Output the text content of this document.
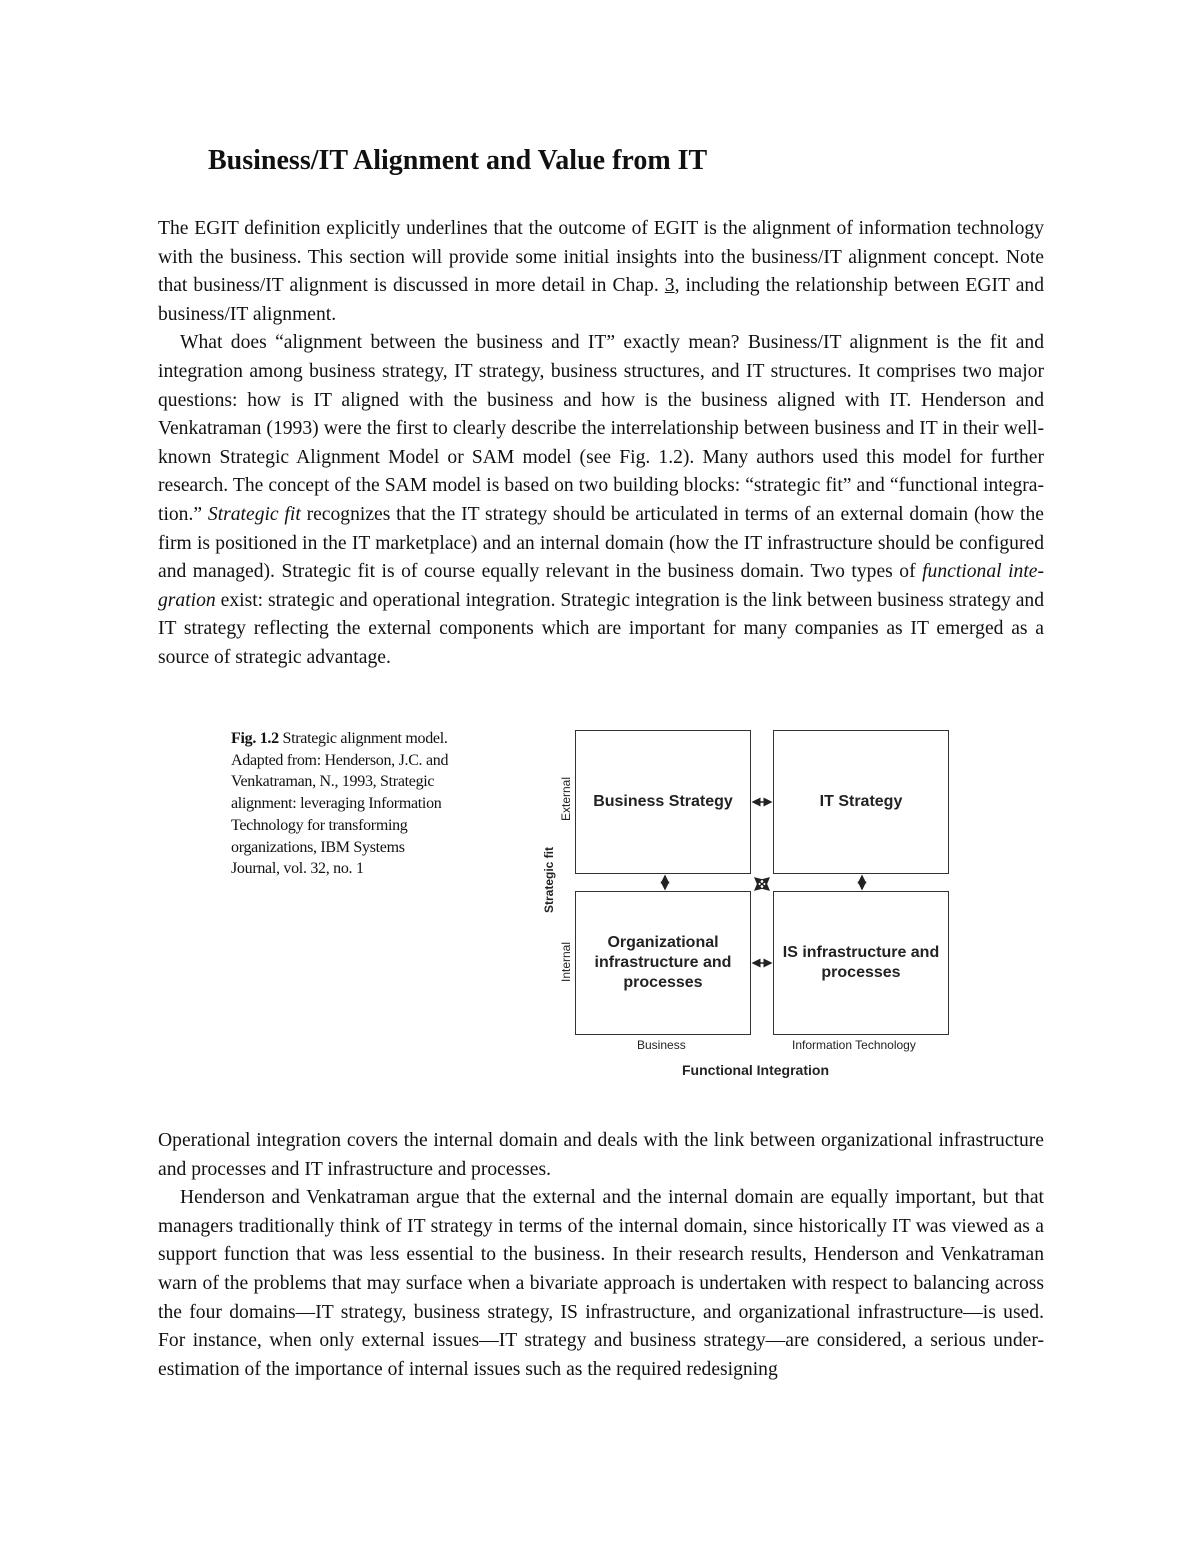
Business/IT Alignment and Value from IT

The EGIT definition explicitly underlines that the outcome of EGIT is the alignment of information technology with the business. This section will provide some initial insights into the business/IT alignment concept. Note that business/IT alignment is discussed in more detail in Chap. 3, including the relationship between EGIT and business/IT alignment.

What does “alignment between the business and IT” exactly mean? Business/IT alignment is the fit and integration among business strategy, IT strategy, business structures, and IT structures. It comprises two major questions: how is IT aligned with the business and how is the business aligned with IT. Henderson and Venkatraman (1993) were the first to clearly describe the interrelationship between business and IT in their well-known Strategic Alignment Model or SAM model (see Fig. 1.2). Many authors used this model for further research. The concept of the SAM model is based on two building blocks: “strategic fit” and “functional integra- tion.” Strategic fit recognizes that the IT strategy should be articulated in terms of an external domain (how the firm is positioned in the IT marketplace) and an internal domain (how the IT infrastructure should be configured and managed). Strategic fit is of course equally relevant in the business domain. Two types of functional inte- gration exist: strategic and operational integration. Strategic integration is the link between business strategy and IT strategy reflecting the external components which are important for many companies as IT emerged as a source of strategic advantage.

Fig. 1.2 Strategic alignment model. Adapted from: Henderson, J.C. and Venkatraman, N., 1993, Strategic alignment: leveraging Information Technology for transforming organizations, IBM Systems Journal, vol. 32, no. 1
Business Strategy	IT Strategy
Organizational infrastructure and processes
IS infrastructure and processes
External
Internal
Strategic fit
Business	Information Technology
Functional Integration

Operational integration covers the internal domain and deals with the link between organizational infrastructure and processes and IT infrastructure and processes.

Henderson and Venkatraman argue that the external and the internal domain are equally important, but that managers traditionally think of IT strategy in terms of the internal domain, since historically IT was viewed as a support function that was less essential to the business. In their research results, Henderson and Venkatraman warn of the problems that may surface when a bivariate approach is undertaken with respect to balancing across the four domains—IT strategy, business strategy, IS infrastructure, and organizational infrastructure—is used. For instance, when only external issues—IT strategy and business strategy—are considered, a serious under-estimation of the importance of internal issues such as the required redesigning
